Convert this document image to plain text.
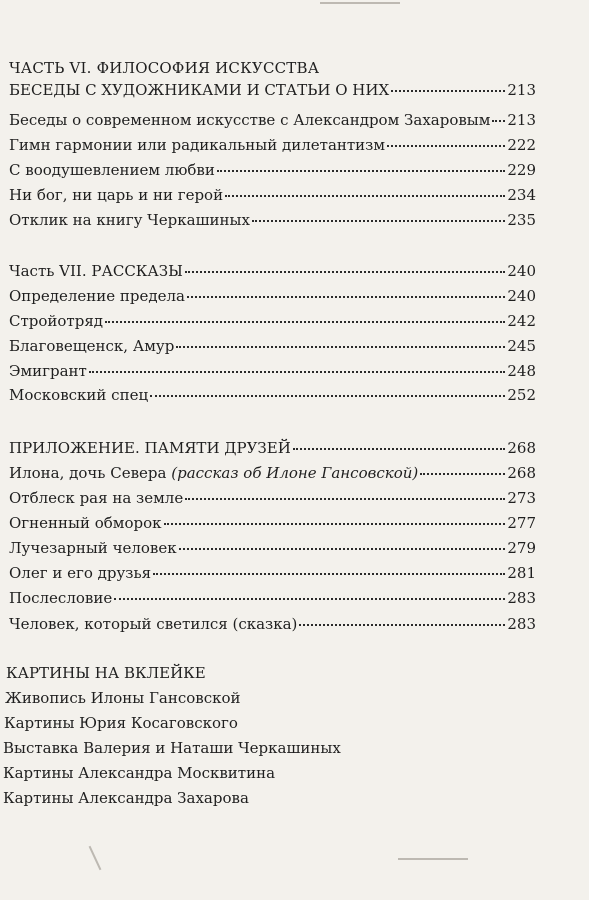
ЧАСТЬ VI. ФИЛОСОФИЯ ИСКУССТВА
БЕСЕДЫ С ХУДОЖНИКАМИ И СТАТЬИ О НИХ	213
Беседы о современном искусстве с Александром Захаровым 213
Гимн гармонии или радикальный дилетантизм	222
С воодушевлением любви	229
Ни бог, ни царь и ни герой	234
Отклик на книгу Черкашиных	235
Часть VII. РАССКАЗЫ	240
Определение предела	240
Стройотряд	242
Благовещенск, Амур	245
Эмигрант	248
Московский спец	252
ПРИЛОЖЕНИЕ. ПАМЯТИ ДРУЗЕЙ	268
Илона, дочь Севера (рассказ об Илоне Гансовской)	268
Отблеск рая на земле	273
Огненный обморок	277
Лучезарный человек	279
Олег и его друзья	281
Послесловие	283
Человек, который светился (сказка)	283
КАРТИНЫ НА ВКЛЕЙКЕ
Живопись Илоны Гансовской
Картины Юрия Косаговского
Выставка Валерия и Наташи Черкашиных
Картины Александра Москвитина
Картины Александра Захарова
